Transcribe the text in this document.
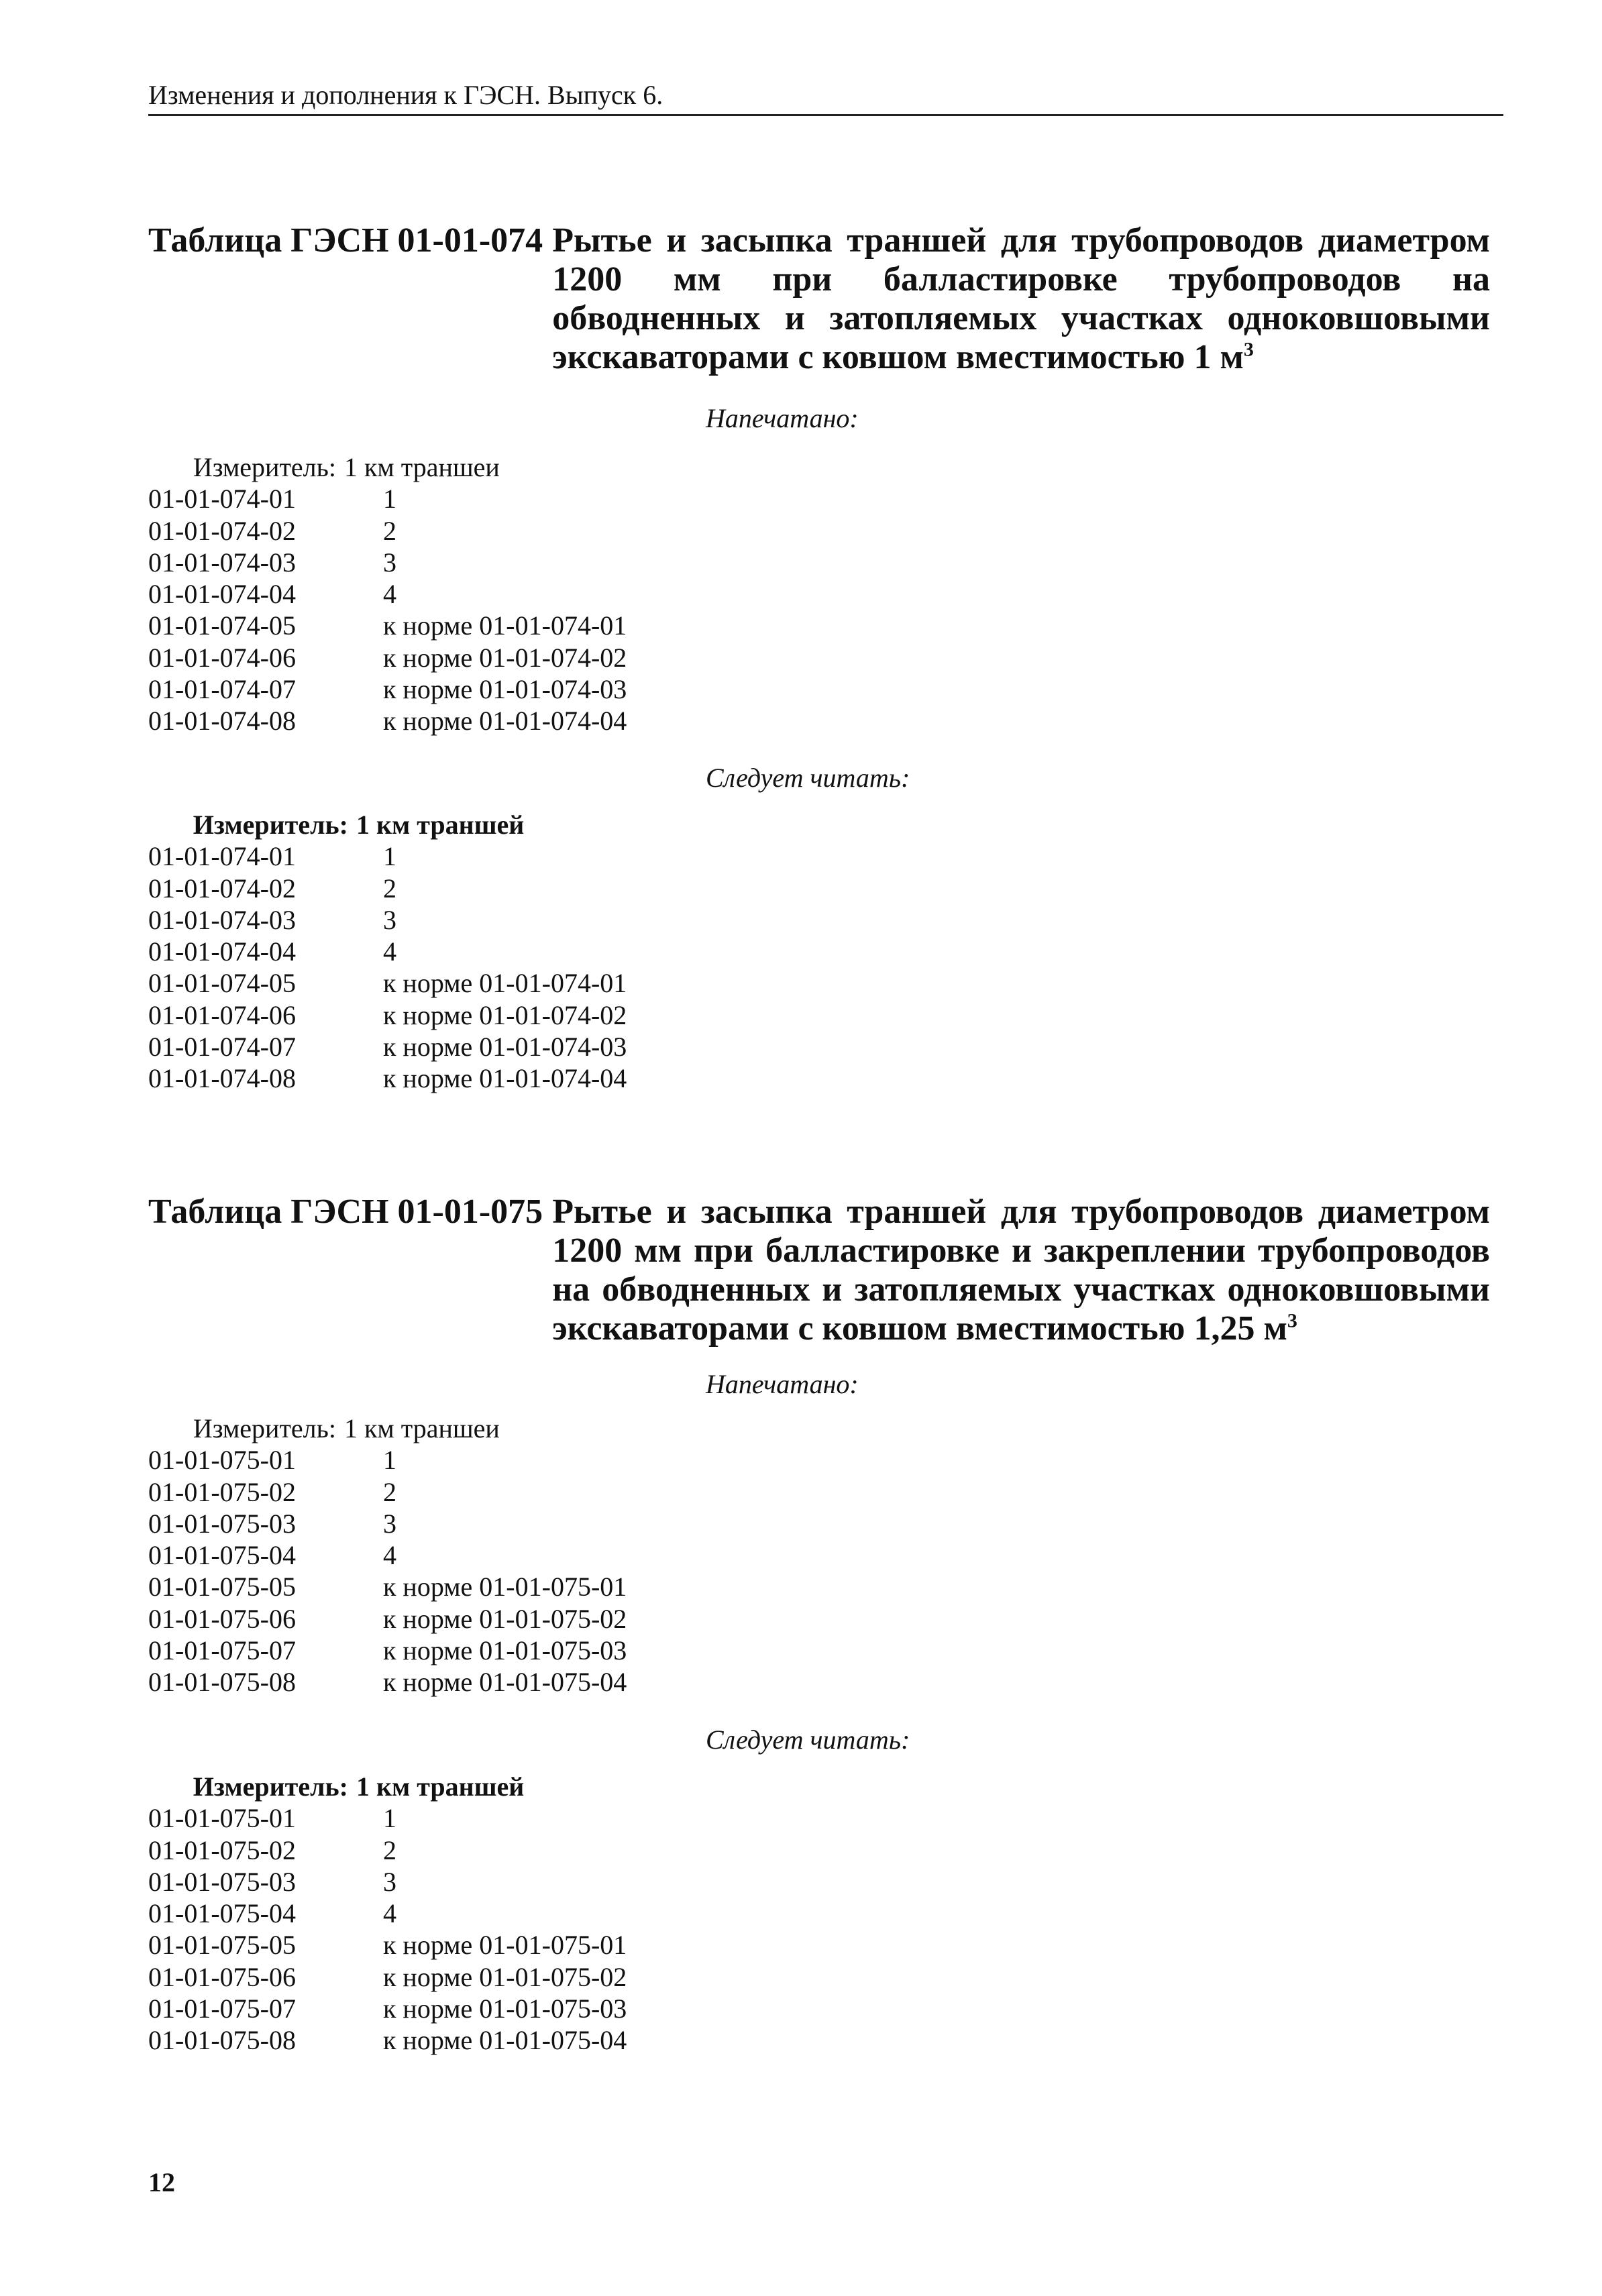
Изменения и дополнения к ГЭСН. Выпуск 6.
Таблица ГЭСН 01-01-074 Рытье и засыпка траншей для трубопроводов диаметром 1200 мм при балластировке трубопроводов на обводненных и затопляемых участках одноковшовыми экскаваторами с ковшом вместимостью 1 $м^3$
Напечатано:
Измеритель: 1 км траншеи
01-01-074-01	1
01-01-074-02	2
01-01-074-03	3
01-01-074-04	4
01-01-074-05	к норме 01-01-074-01
01-01-074-06	к норме 01-01-074-02
01-01-074-07	к норме 01-01-074-03
01-01-074-08	к норме 01-01-074-04
Следует читать:
Измеритель: 1 км траншей
01-01-074-01	1
01-01-074-02	2
01-01-074-03	3
01-01-074-04	4
01-01-074-05	к норме 01-01-074-01
01-01-074-06	к норме 01-01-074-02
01-01-074-07	к норме 01-01-074-03
01-01-074-08	к норме 01-01-074-04
Таблица ГЭСН 01-01-075 Рытье и засыпка траншей для трубопроводов диаметром 1200 мм при балластировке и закреплении трубопроводов на обводненных и затопляемых участках одноковшовыми экскаваторами с ковшом вместимостью 1,25 $м^3$
Напечатано:
Измеритель: 1 км траншеи
01-01-075-01	1
01-01-075-02	2
01-01-075-03	3
01-01-075-04	4
01-01-075-05	к норме 01-01-075-01
01-01-075-06	к норме 01-01-075-02
01-01-075-07	к норме 01-01-075-03
01-01-075-08	к норме 01-01-075-04
Следует читать:
Измеритель: 1 км траншей
01-01-075-01	1
01-01-075-02	2
01-01-075-03	3
01-01-075-04	4
01-01-075-05	к норме 01-01-075-01
01-01-075-06	к норме 01-01-075-02
01-01-075-07	к норме 01-01-075-03
01-01-075-08	к норме 01-01-075-04
12
